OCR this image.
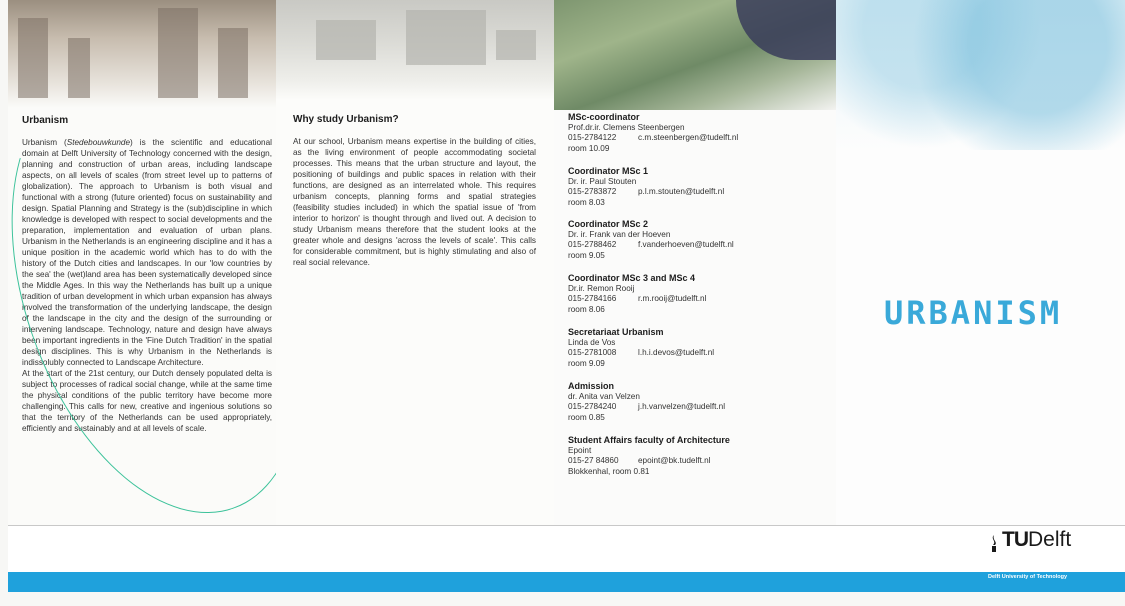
Urbanism

Urbanism (Stedebouwkunde) is the scientific and educational domain at Delft University of Technology concerned with the design, planning and construction of urban areas, including landscape aspects, on all levels of scales (from street level up to patterns of globalization). The approach to Urbanism is both visual and functional with a strong (future oriented) focus on sustainability and design. Spatial Planning and Strategy is the (sub)discipline in which knowledge is developed with respect to social developments and the preparation, implementation and evaluation of urban plans. Urbanism in the Netherlands is an engineering discipline and it has a unique position in the academic world which has to do with the history of the Dutch cities and landscapes. In our 'low countries by the sea' the (wet)land area has been systematically developed since the Middle Ages. In this way the Netherlands has built up a unique tradition of urban development in which urban expansion has always involved the transformation of the underlying landscape, the design of the landscape in the city and the design of the surrounding or intervening landscape. Technology, nature and design have always been important ingredients in the 'Fine Dutch Tradition' in the spatial design disciplines. This is why Urbanism in the Netherlands is indissolubly connected to Landscape Architecture.

At the start of the 21st century, our Dutch densely populated delta is subject to processes of radical social change, while at the same time the physical conditions of the public territory have become more challenging. This calls for new, creative and ingenious solutions so that the territory of the Netherlands can be used appropriately, efficiently and sustainably and at all levels of scale.

Why study Urbanism?

At our school, Urbanism means expertise in the building of cities, as the living environment of people accommodating societal processes. This means that the urban structure and layout, the positioning of buildings and public spaces in relation with their functions, are designed as an interrelated whole. This requires urbanism concepts, planning forms and spatial strategies (feasibility studies included) in which the spatial issue of 'from interior to horizon' is thought through and lived out. A decision to study Urbanism means therefore that the student looks at the greater whole and designs 'across the levels of scale'. This calls for considerable commitment, but is highly stimulating and also of real social relevance.

MSc-coordinator
Prof.dr.ir. Clemens Steenbergen
015-2784122	c.m.steenbergen@tudelft.nl
room 10.09
Coordinator MSc 1
Dr. ir. Paul Stouten
015-2783872	p.l.m.stouten@tudelft.nl
room 8.03
Coordinator MSc 2
Dr. ir. Frank van der Hoeven
015-2788462	f.vanderhoeven@tudelft.nl
room 9.05
Coordinator MSc 3 and MSc 4
Dr.ir. Remon Rooij
015-2784166	r.m.rooij@tudelft.nl
room 8.06
Secretariaat Urbanism
Linda de Vos
015-2781008	l.h.i.devos@tudelft.nl
room 9.09
Admission
dr. Anita van Velzen
015-2784240	j.h.vanvelzen@tudelft.nl
room 0.85
Student Affairs faculty of Architecture
Epoint
015-27 84860 epoint@bk.tudelft.nl
Blokkenhal, room 0.81
URBANISM
TU Delft
Delft University of Technology
